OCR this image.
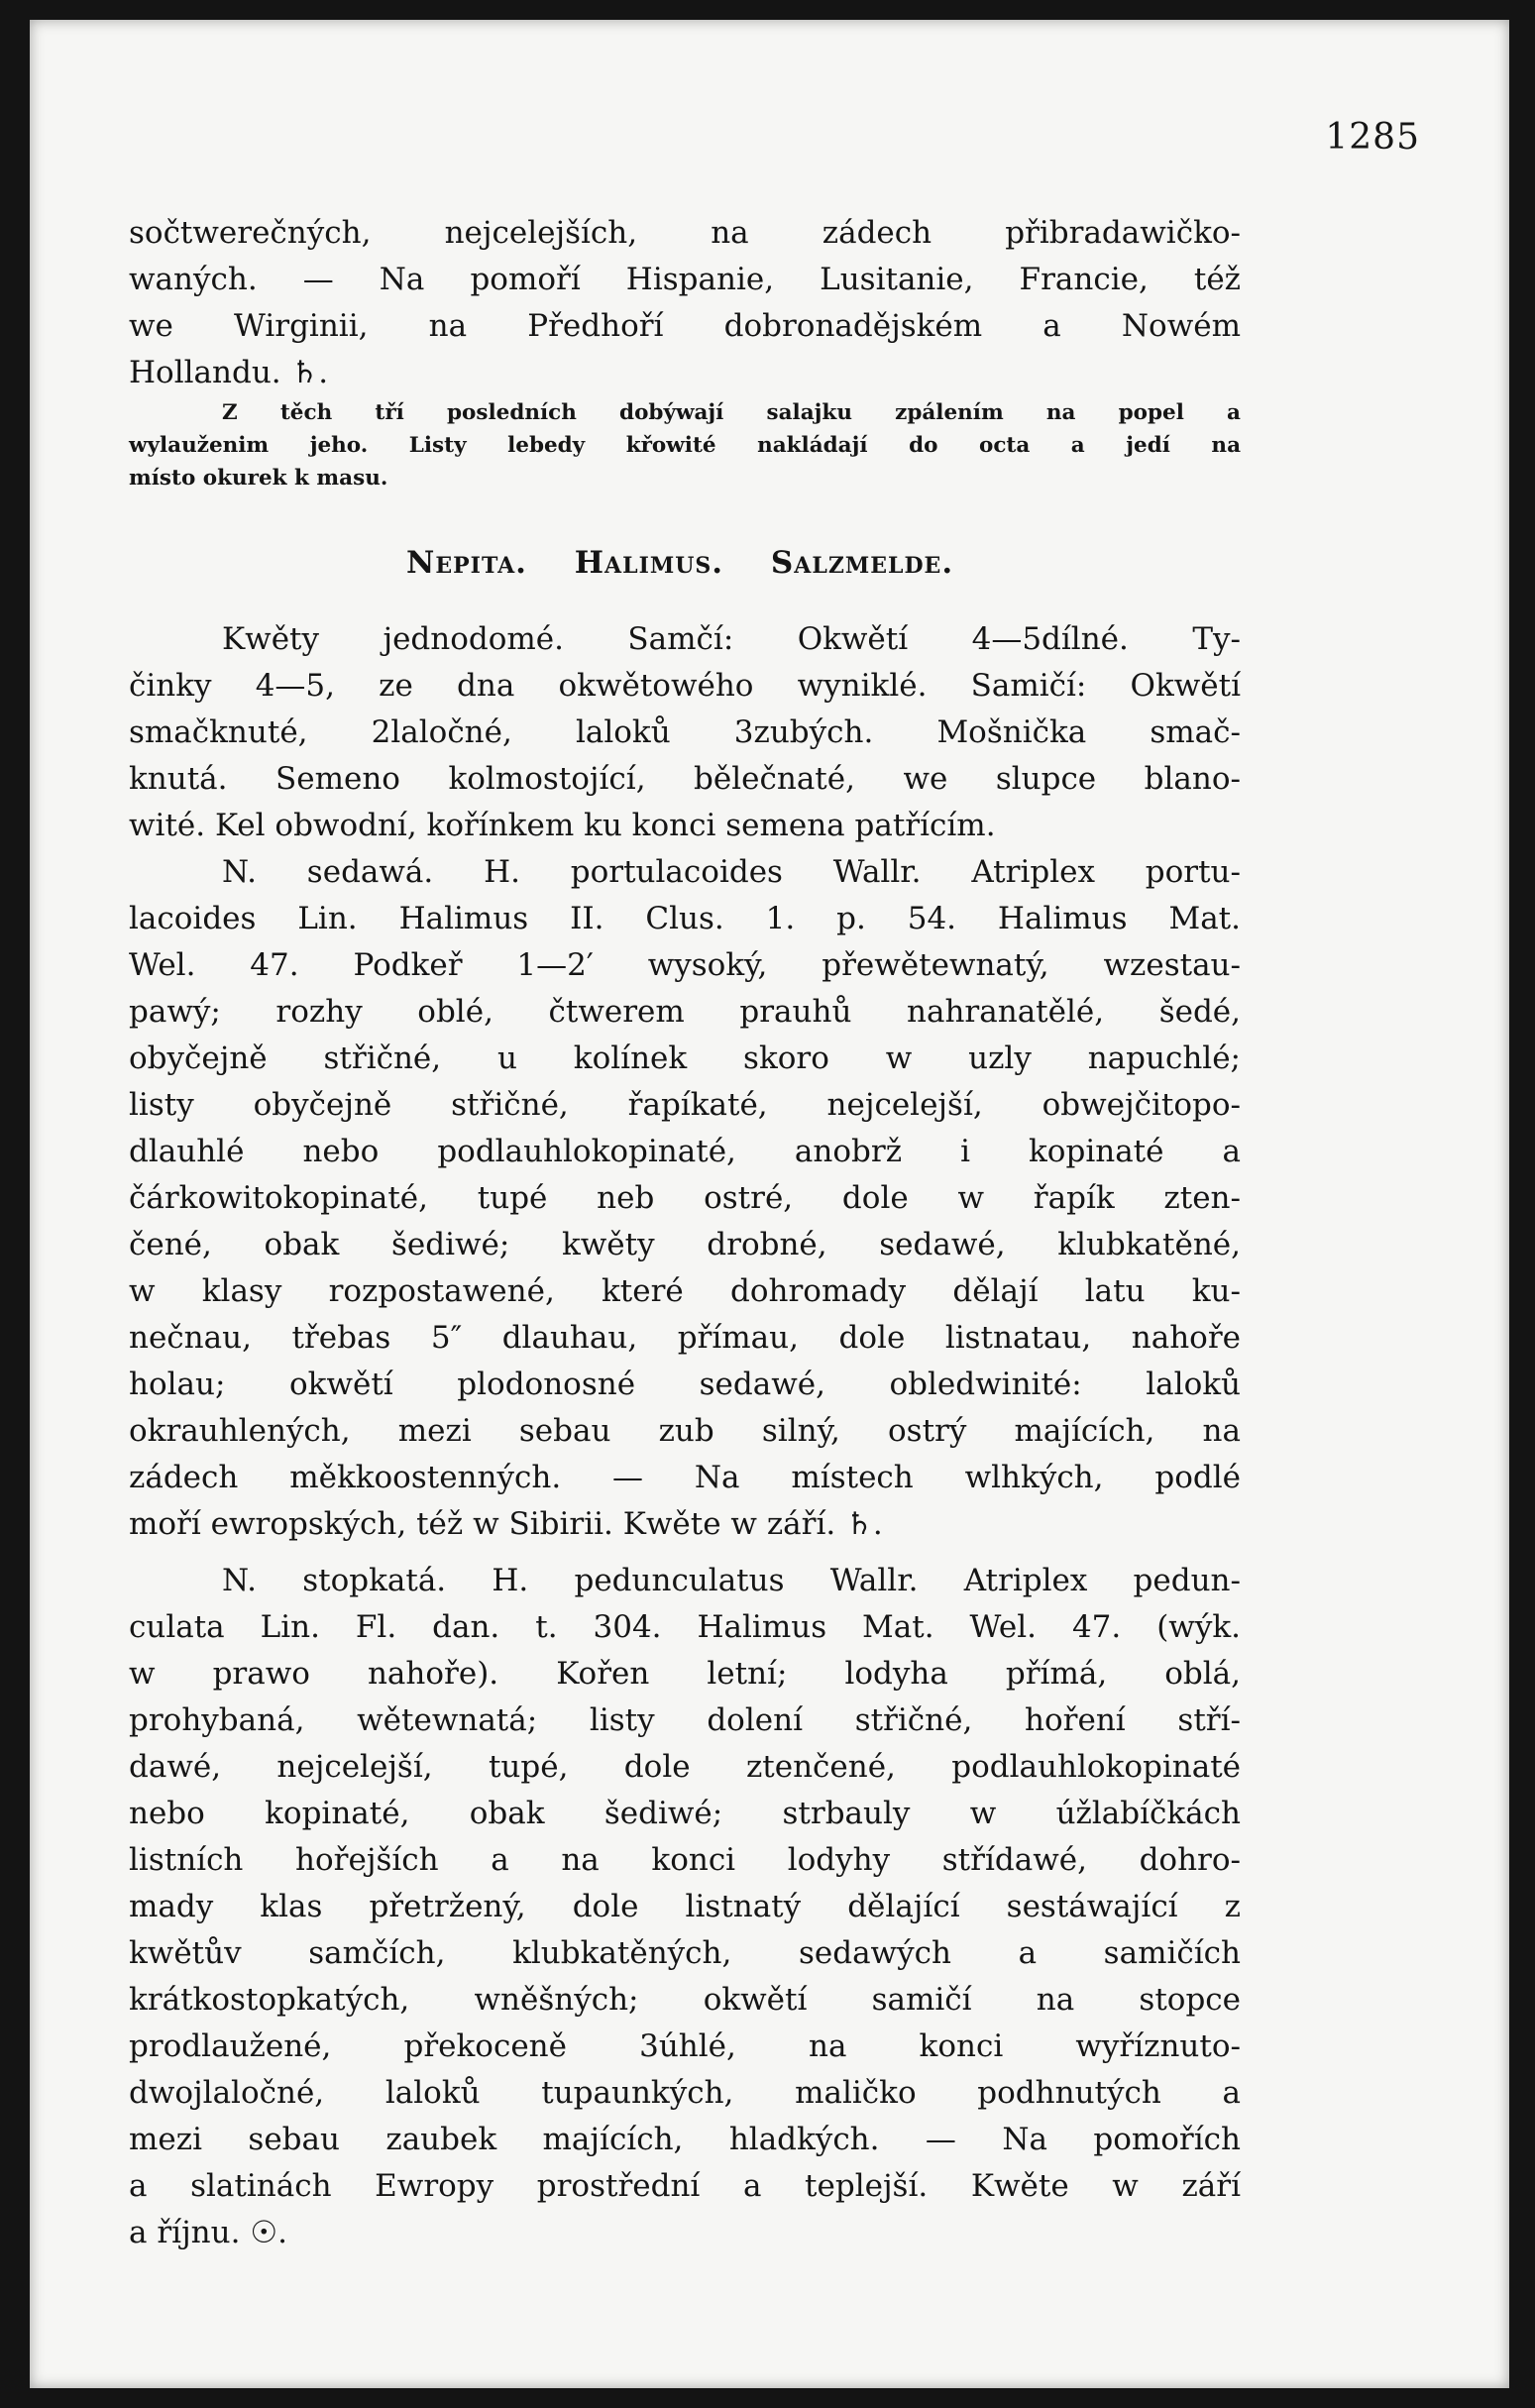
1285
sočtwerečných, nejcelejších, na zádech přibradawičko-
waných. — Na pomoří Hispanie, Lusitanie, Francie, též
we Wirginii, na Předhoří dobronadějském a Nowém
Hollandu. ♄.
Z těch tří posledních dobýwají salajku zpálením na popel a
wylauženim jeho. Listy lebedy křowité nakládají do octa a jedí na
místo okurek k masu.
Nepita. Halimus. Salzmelde.
Kwěty jednodomé. Samčí: Okwětí 4—5dílné. Ty-
činky 4—5, ze dna okwětowého wyniklé. Samičí: Okwětí
smačknuté, 2laločné, laloků 3zubých. Mošnička smač-
knutá. Semeno kolmostojící, bělečnaté, we slupce blano-
wité. Kel obwodní, kořínkem ku konci semena patřícím.
N. sedawá. H. portulacoides Wallr. Atriplex portu-
lacoides Lin. Halimus II. Clus. 1. p. 54. Halimus Mat.
Wel. 47. Podkeř 1—2′ wysoký, přewětewnatý, wzestau-
pawý; rozhy oblé, čtwerem prauhů nahranatělé, šedé,
obyčejně střičné, u kolínek skoro w uzly napuchlé;
listy obyčejně střičné, řapíkaté, nejcelejší, obwejčitopo-
dlauhlé nebo podlauhlokopinaté, anobrž i kopinaté a
čárkowitokopinaté, tupé neb ostré, dole w řapík zten-
čené, obak šediwé; kwěty drobné, sedawé, klubkatěné,
w klasy rozpostawené, které dohromady dělají latu ku-
nečnau, třebas 5″ dlauhau, přímau, dole listnatau, nahoře
holau; okwětí plodonosné sedawé, obledwinité: laloků
okrauhlených, mezi sebau zub silný, ostrý majících, na
zádech měkkoostenných. — Na místech wlhkých, podlé
moří ewropských, též w Sibirii. Kwěte w září. ♄.
N. stopkatá. H. pedunculatus Wallr. Atriplex pedun-
culata Lin. Fl. dan. t. 304. Halimus Mat. Wel. 47. (wýk.
w prawo nahoře). Kořen letní; lodyha přímá, oblá,
prohybaná, wětewnatá; listy dolení střičné, hoření stří-
dawé, nejcelejší, tupé, dole ztenčené, podlauhlokopinaté
nebo kopinaté, obak šediwé; strbauly w úžlabíčkách
listních hořejších a na konci lodyhy střídawé, dohro-
mady klas přetržený, dole listnatý dělající sestáwající z
kwětův samčích, klubkatěných, sedawých a samičích
krátkostopkatých, wněšných; okwětí samičí na stopce
prodlaužené, překoceně 3úhlé, na konci wyříznuto-
dwojlaločné, laloků tupaunkých, maličko podhnutých a
mezi sebau zaubek majících, hladkých. — Na pomořích
a slatinách Ewropy prostřední a teplejší. Kwěte w září
a říjnu. ☉.
